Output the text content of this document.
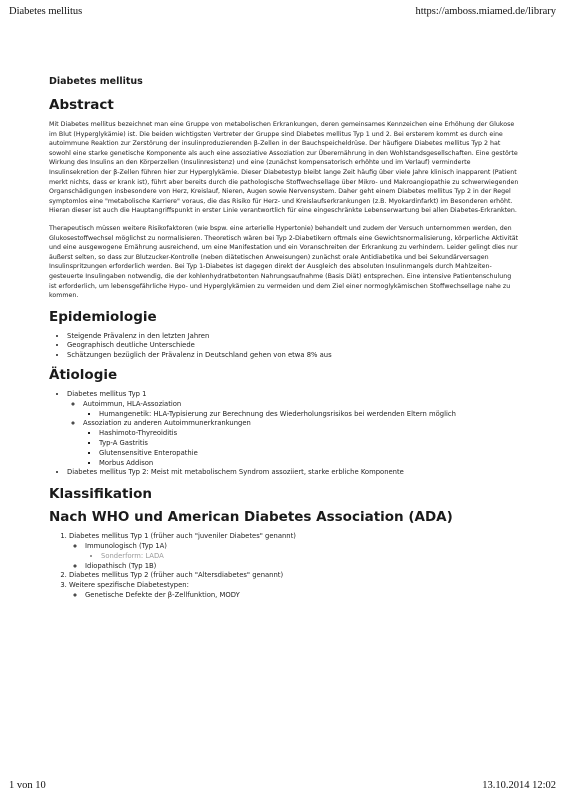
Diabetes mellitus	https://amboss.miamed.de/library
Diabetes mellitus
Abstract

Mit Diabetes mellitus bezeichnet man eine Gruppe von metabolischen Erkrankungen, deren gemeinsames Kennzeichen eine Erhöhung der Glukose im Blut (Hyperglykämie) ist. Die beiden wichtigsten Vertreter der Gruppe sind Diabetes mellitus Typ 1 und 2. Bei ersterem kommt es durch eine autoimmune Reaktion zur Zerstörung der insulinproduzierenden β-Zellen in der Bauchspeicheldrüse. Der häufigere Diabetes mellitus Typ 2 hat sowohl eine starke genetische Komponente als auch eine assoziative Assoziation zur Überernährung in den Wohlstandsgesellschaften. Eine gestörte Wirkung des Insulins an den Körperzellen (Insulinresistenz) und eine (zunächst kompensatorisch erhöhte und im Verlauf) verminderte Insulinsekretion der β-Zellen führen hier zur Hyperglykämie. Dieser Diabetestyp bleibt lange Zeit häufig über viele Jahre klinisch inapparent (Patient merkt nichts, dass er krank ist), führt aber bereits durch die pathologische Stoffwechsellage über Mikro- und Makroangiopathie zu schwerwiegenden Organschädigungen insbesondere von Herz, Kreislauf, Nieren, Augen sowie Nervensystem. Daher geht einem Diabetes mellitus Typ 2 in der Regel symptomlos eine "metabolische Karriere" voraus, die das Risiko für Herz- und Kreislaufserkrankungen (z.B. Myokardinfarkt) im Besonderen erhöht. Hieran dieser ist auch die Hauptangriffspunkt in erster Linie verantwortlich für eine eingeschränkte Lebenserwartung bei allen Diabetes-Erkrankten.

Therapeutisch müssen weitere Risikofaktoren (wie bspw. eine arterielle Hypertonie) behandelt und zudem der Versuch unternommen werden, den Glukosestoffwechsel möglichst zu normalisieren. Theoretisch wären bei Typ 2-Diabetikern oftmals eine Gewichtsnormalisierung, körperliche Aktivität und eine ausgewogene Ernährung ausreichend, um eine Manifestation und ein Voranschreiten der Erkrankung zu verhindern. Leider gelingt dies nur äußerst selten, so dass zur Blutzucker-Kontrolle (neben diätetischen Anweisungen) zunächst orale Antidiabetika und bei Sekundärversagen Insulinspritzungen erforderlich werden. Bei Typ 1-Diabetes ist dagegen direkt der Ausgleich des absoluten Insulinmangels durch Mahlzeiten-gesteuerte Insulingaben notwendig, die der kohlenhydratbetonten Nahrungsaufnahme (Basis Diät) entsprechen. Eine intensive Patientenschulung ist erforderlich, um lebensgefährliche Hypo- und Hyperglykämien zu vermeiden und dem Ziel einer normoglykämischen Stoffwechsellage nahe zu kommen.

Epidemiologie
• Steigende Prävalenz in den letzten Jahren
• Geographisch deutliche Unterschiede
• Schätzungen bezüglich der Prävalenz in Deutschland gehen von etwa 8% aus
Ätiologie
• Diabetes mellitus Typ 1
◦ Autoimmun, HLA-Assoziation
▪ Humangenetik: HLA-Typisierung zur Berechnung des Wiederholungsrisikos bei werdenden Eltern möglich
◦ Assoziation zu anderen Autoimmunerkrankungen
▪ Hashimoto-Thyreoiditis
▪ Typ-A Gastritis
▪ Glutensensitive Enteropathie
▪ Morbus Addison
• Diabetes mellitus Typ 2: Meist mit metabolischem Syndrom assoziiert, starke erbliche Komponente
Klassifikation
Nach WHO und American Diabetes Association (ADA)
1. Diabetes mellitus Typ 1 (früher auch "juveniler Diabetes" genannt)
◦ Immunologisch (Typ 1A)
▪ Sonderform: LADA
◦ Idiopathisch (Typ 1B)
2. Diabetes mellitus Typ 2 (früher auch "Altersdiabetes" genannt)
3. Weitere spezifische Diabetestypen:
◦ Genetische Defekte der β-Zellfunktion, MODY
1 von 10	13.10.2014 12:02
